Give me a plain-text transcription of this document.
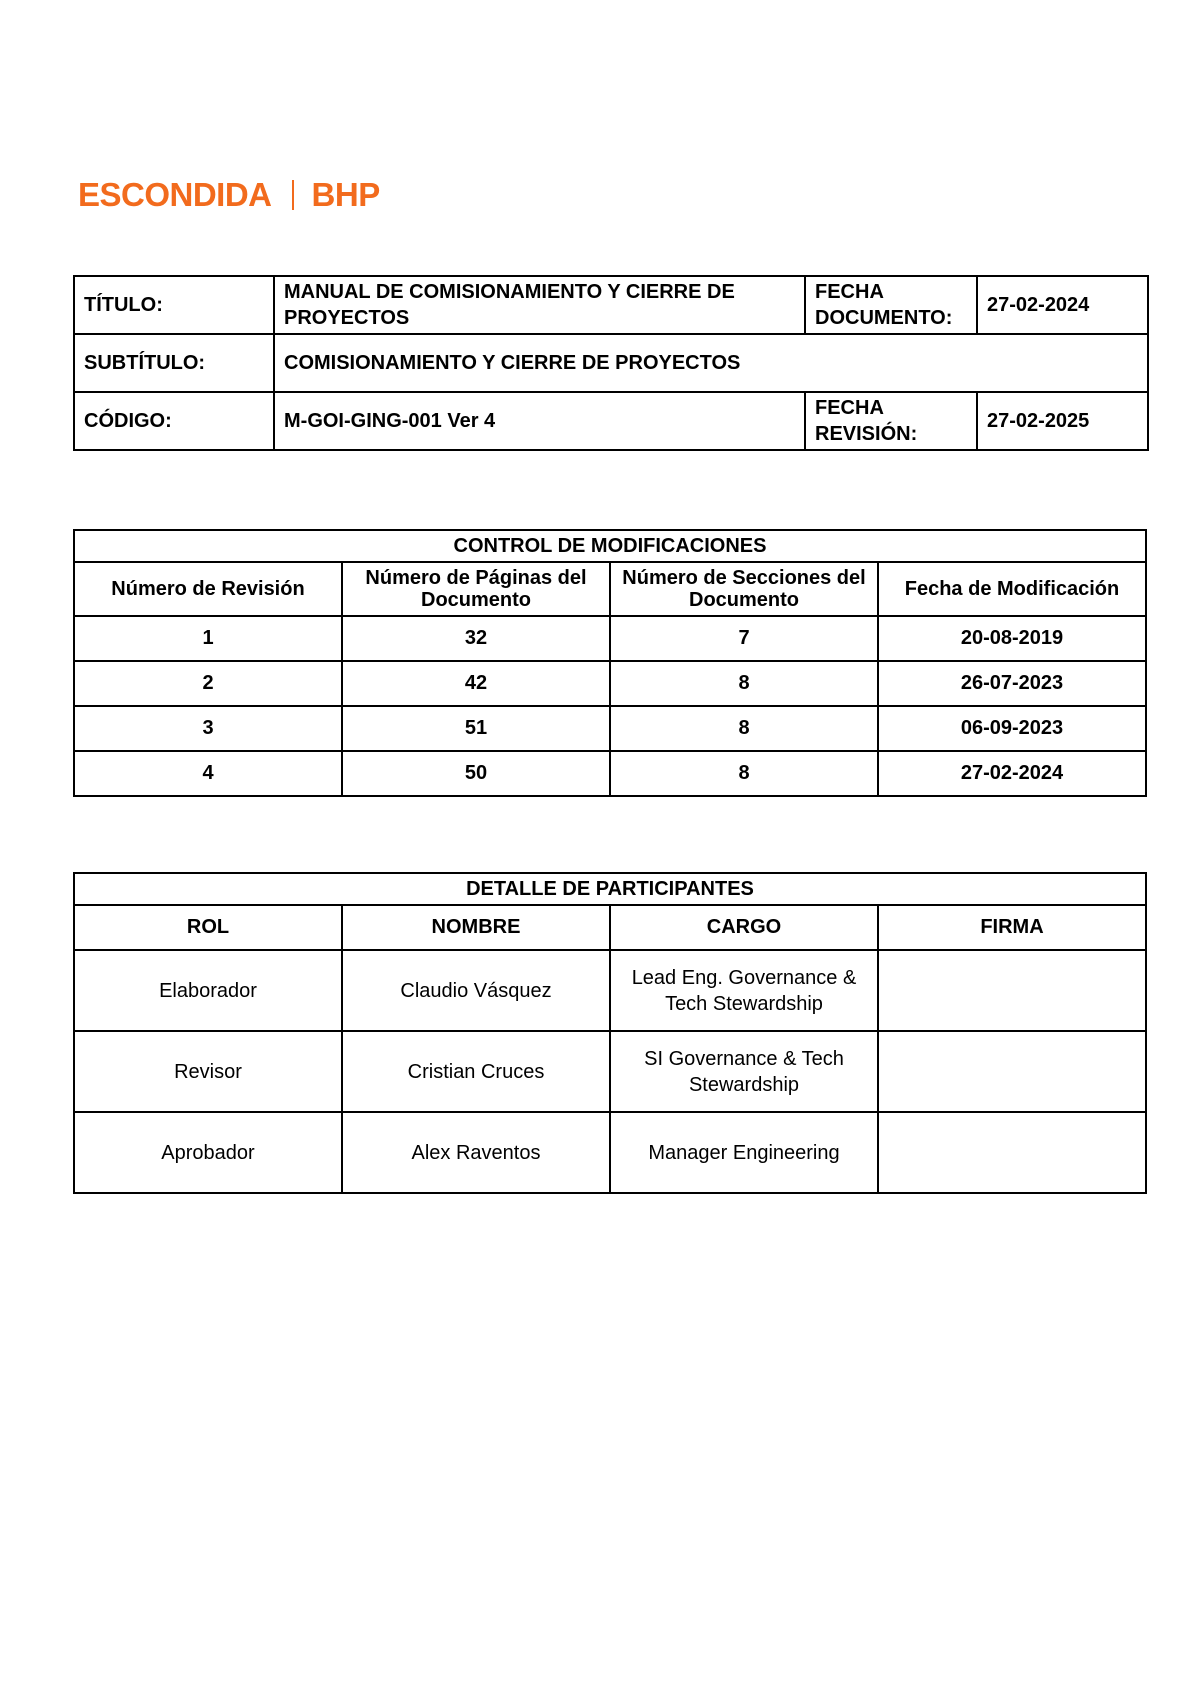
ESCONDIDA BHP
TÍTULO:	MANUAL DE COMISIONAMIENTO Y CIERRE DE PROYECTOS	FECHA DOCUMENTO:	27-02-2024
SUBTÍTULO:	COMISIONAMIENTO Y CIERRE DE PROYECTOS		
CÓDIGO:	M-GOI-GING-001 Ver 4	FECHA REVISIÓN:	27-02-2025
CONTROL DE MODIFICACIONES			
Número de Revisión	Número de Páginas del Documento	Número de Secciones del Documento	Fecha de Modificación
1	32	7	20-08-2019
2	42	8	26-07-2023
3	51	8	06-09-2023
4	50	8	27-02-2024
DETALLE DE PARTICIPANTES			
ROL	NOMBRE	CARGO	FIRMA
Elaborador	Claudio Vásquez	Lead Eng. Governance & Tech Stewardship	
Revisor	Cristian Cruces	SI Governance & Tech Stewardship	
Aprobador	Alex Raventos	Manager Engineering	
